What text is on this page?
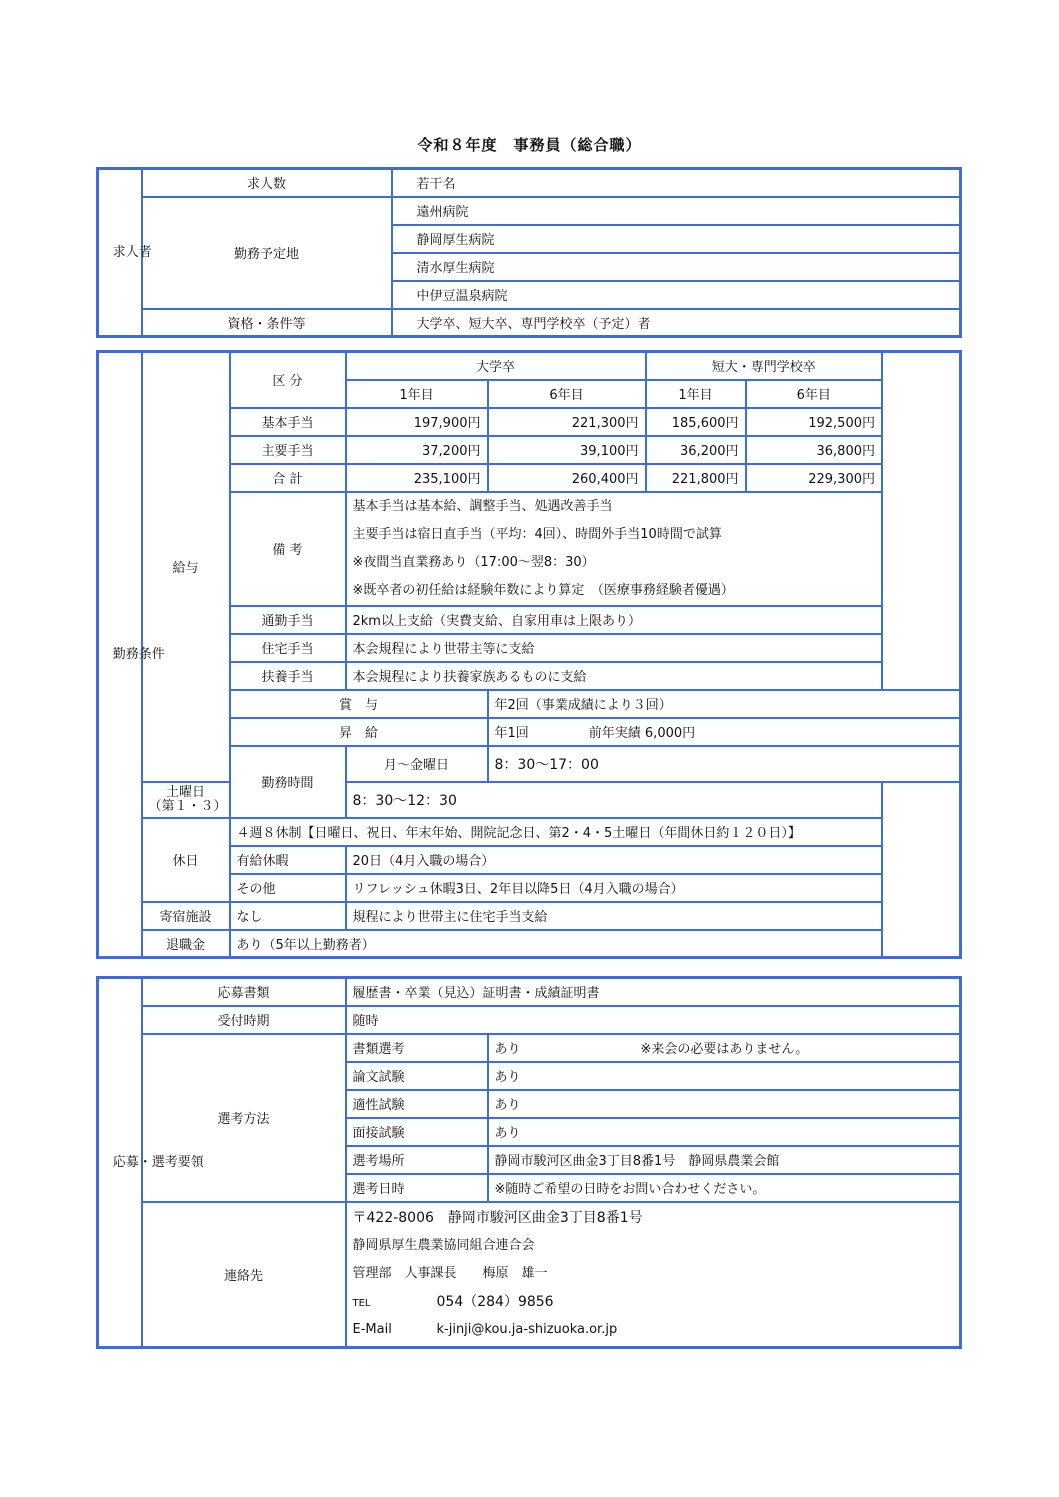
令和８年度　事務員（総合職）
求人者	求人数	若干名
	勤務予定地	遠州病院
		静岡厚生病院
		清水厚生病院
		中伊豆温泉病院
	資格・条件等	大学卒、短大卒、専門学校卒（予定）者
勤務条件	給与	区 分	大学卒		短大・専門学校卒	
			1年目	6年目	1年目	6年目
		基本手当	197,900円	221,300円	185,600円	192,500円
		主要手当	37,200円	39,100円	36,200円	36,800円
		合 計	235,100円	260,400円	221,800円	229,300円
		備 考	基本手当は基本給、調整手当、処遇改善手当
主要手当は宿日直手当（平均：4回）、時間外手当10時間で試算
※夜間当直業務あり（17:00～翌8：30）
※既卒者の初任給は経験年数により算定　（医療事務経験者優遇）			

		通勤手当	2km以上支給（実費支給、自家用車は上限あり）			
		住宅手当	本会規程により世帯主等に支給			
		扶養手当	本会規程により扶養家族あるものに支給			
		賞　与		年2回（事業成績により３回）		
		昇　給		年1回 前年実績 6,000円		
		勤務時間	月～金曜日	8：30～17：00		

	土曜日
（第１・３）		8：30～12：30			
	休日	４週８休制【日曜日、祝日、年末年始、開院記念日、第2・4・5土曜日（年間休日約１２０日）】				
		有給休暇	20日（4月入職の場合）			
		その他	リフレッシュ休暇3日、2年目以降5日（4月入職の場合）			
	寄宿施設	なし	規程により世帯主に住宅手当支給			
	退職金	あり（5年以上勤務者）				
応募・選考要領	応募書類	履歴書・卒業（見込）証明書・成績証明書	
	受付時期	随時	
	選考方法	書類選考	あり ※来会の必要はありません。
		論文試験	あり
		適性試験	あり
		面接試験	あり
		選考場所	静岡市駿河区曲金3丁目8番1号　静岡県農業会館
		選考日時	※随時ご希望の日時をお問い合わせください。
	連絡先	〒422-8006　静岡市駿河区曲金3丁目8番1号
静岡県厚生農業協同組合連合会
管理部　人事課長　　梅原　雄一
TEL 054（284）9856
E-Mail k-jinji@kou.ja-shizuoka.or.jp	
